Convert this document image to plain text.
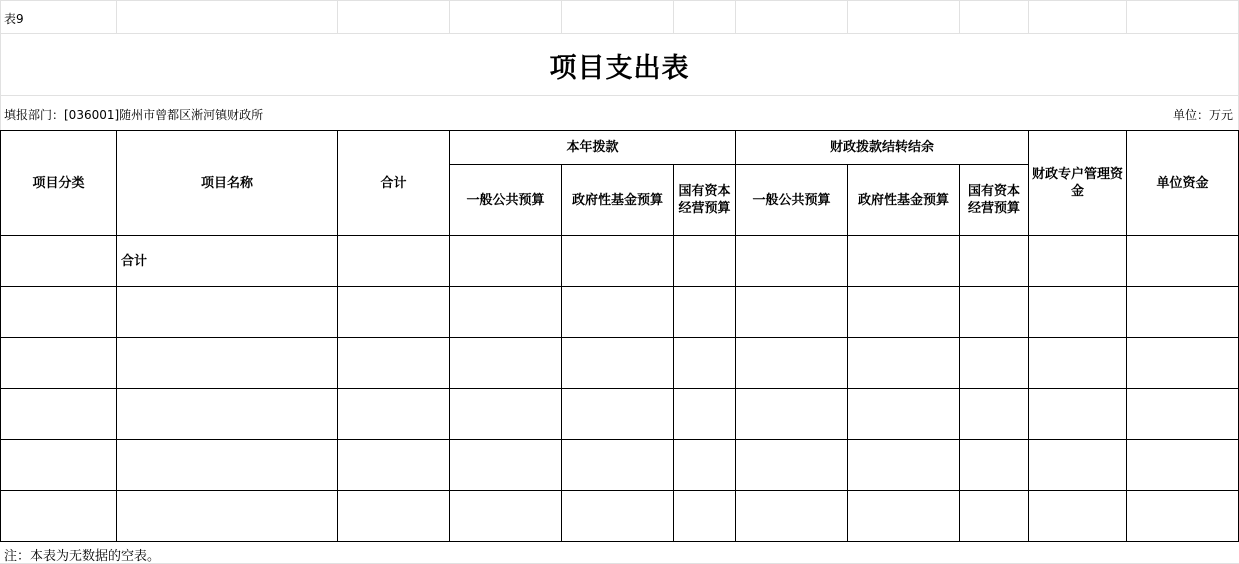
表9
项目支出表
填报部门：[036001]随州市曾都区淅河镇财政所	单位：万元
项目分类	项目名称	合计	本年拨款			财政拨款结转结余			财政专户管理资金	单位资金
			一般公共预算	政府性基金预算	国有资本经营预算	一般公共预算	政府性基金预算	国有资本经营预算		
	合计									

注：本表为无数据的空表。
